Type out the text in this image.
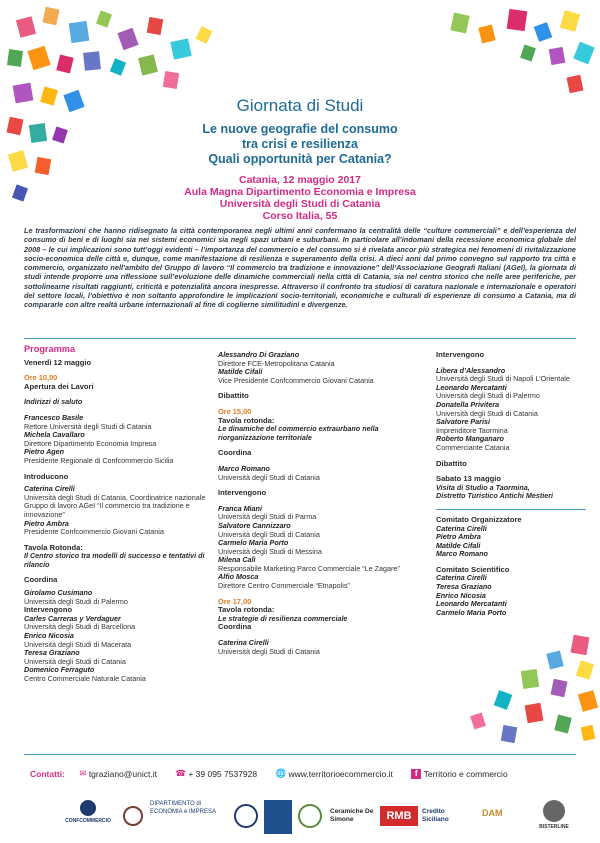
Giornata di Studi
Le nuove geografie del consumo
tra crisi e resilienza
Quali opportunità per Catania?
Catania, 12 maggio 2017
Aula Magna Dipartimento Economia e Impresa
Università degli Studi di Catania
Corso Italia, 55
Le trasformazioni che hanno ridisegnato la città contemporanea negli ultimi anni confermano la centralità delle “culture commerciali” e dell’esperienza del consumo di beni e di luoghi sia nei sistemi economici sia negli spazi urbani e suburbani. In particolare all’indomani della recessione economica globale del 2008 – le cui implicazioni sono tutt’oggi evidenti – l’importanza del commercio e del consumo si è rivelata ancor più strategica nei fenomeni di rivitalizzazione socio-economica delle città e, dunque, come manifestazione di resilienza e superamento della crisi. A dieci anni dal primo convegno sul rapporto tra città e commercio, organizzato nell’ambito del Gruppo di lavoro “Il commercio tra tradizione e innovazione” dell’Associazione Geografi Italiani (AGeI), la giornata di studi intende proporre una riflessione sull’evoluzione delle dinamiche commerciali nella città di Catania, sia nel centro storico che nelle aree periferiche, per sottolinearne risultati raggiunti, criticità e potenzialità ancora inespresse. Attraverso il confronto tra studiosi di caratura nazionale e internazionale e operatori del settore locali, l’obiettivo è non soltanto approfondire le implicazioni socio-territoriali, economiche e culturali di esperienze di consumo a Catania, ma di compararle con altre realtà urbane internazionali al fine di coglierne similitudini e divergenze.

Programma

Venerdì 12 maggio

Ore 10,00

Apertura dei Lavori

Indirizzi di saluto

Francesco Basile

Rettore Università degli Studi di Catania

Michela Cavallaro

Direttore Dipartimento Economia Impresa

Pietro Agen

Presidente Regionale di Confcommercio Sicilia

Introducono

Caterina Cirelli

Università degli Studi di Catania, Coordinatrice nazionale Gruppo di lavoro AGeI “Il commercio tra tradizione e innovazione”

Pietro Ambra

Presidente Confcommercio Giovani Catania

Tavola Rotonda:

Il Centro storico tra modelli di successo e tentativi di rilancio

Coordina

Girolamo Cusimano

Università degli Studi di Palermo

Intervengono

Carles Carreras y Verdaguer

Università degli Studi di Barcellona

Enrico Nicosia

Università degli Studi di Macerata

Teresa Graziano

Università degli Studi di Catania

Domenico Ferraguto

Centro Commerciale Naturale Catania

Alessandro Di Graziano

Direttore FCE-Metropolitana Catania

Matilde Cifali

Vice Presidente Confcommercio Giovani Catania

Dibattito

Ore 15,00

Tavola rotonda:

Le dinamiche del commercio extraurbano nella riorganizzazione territoriale

Coordina

Marco Romano

Università degli Studi di Catania

Intervengono

Franca Miani

Università degli Studi di Parma

Salvatore Cannizzaro

Università degli Studi di Catania

Carmelo Maria Porto

Università degli Studi di Messina

Milena Calì

Responsabile Marketing Parco Commerciale “Le Zagare”

Alfio Mosca

Direttore Centro Commerciale “Etnapolis”

Ore 17,00

Tavola rotonda:

Le strategie di resilienza commerciale

Coordina

Caterina Cirelli

Università degli Studi di Catania

Intervengono

Libera d’Alessandro

Università degli Studi di Napoli L’Orientale

Leonardo Mercatanti

Università degli Studi di Palermo

Donatella Privitera

Università degli Studi di Catania

Salvatore Parisi

Imprenditore Taormina

Roberto Manganaro

Commerciante Catania

Dibattito

Sabato 13 maggio

Visita di Studio a Taormina,

Distretto Turistico Antichi Mestieri

Comitato Organizzatore

Caterina Cirelli

Pietro Ambra

Matilde Cifali

Marco Romano

Comitato Scientifico

Caterina Cirelli

Teresa Graziano

Enrico Nicosia

Leonardo Mercatanti

Carmelo Maria Porto

Contatti: ✉ tgraziano@unict.it ☎ + 39 095 7537928 🌐 www.territorioecommercio.it	f Territorio e commercio
CONFCOMMERCIO
DIPARTIMENTO di ECONOMIA e IMPRESA	Ceramiche De Simone	RMB	Credito Siciliano
DAM
BISTERLINE
